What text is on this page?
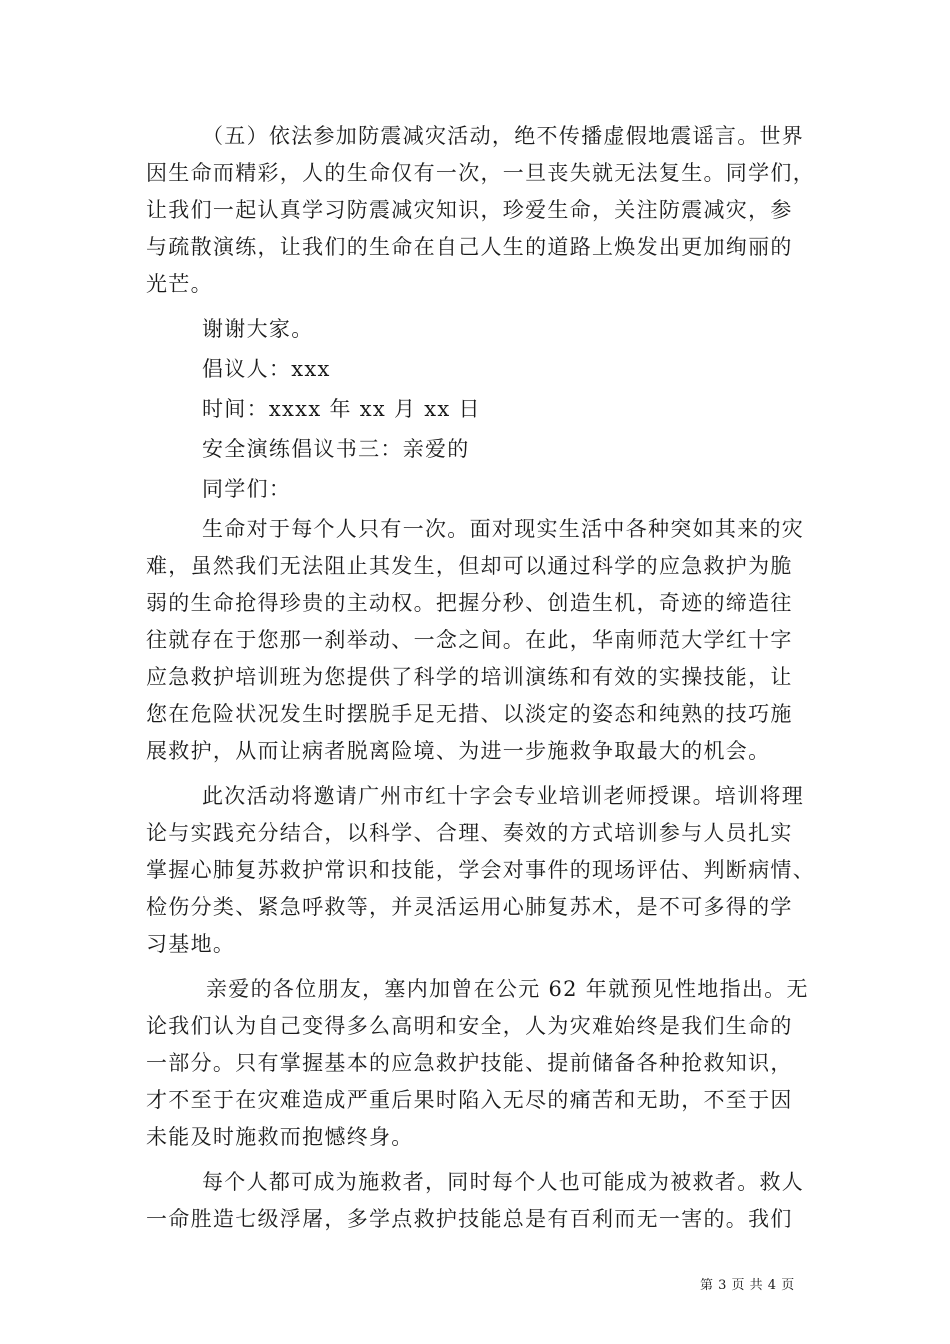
（五）依法参加防震减灾活动，绝不传播虚假地震谣言。世界
因生命而精彩，人的生命仅有一次，一旦丧失就无法复生。同学们，
让我们一起认真学习防震减灾知识，珍爱生命，关注防震减灾，参
与疏散演练，让我们的生命在自己人生的道路上焕发出更加绚丽的
光芒。

谢谢大家。

倡议人：xxx

时间：xxxx 年 xx 月 xx 日

安全演练倡议书三：亲爱的

同学们：

生命对于每个人只有一次。面对现实生活中各种突如其来的灾
难，虽然我们无法阻止其发生，但却可以通过科学的应急救护为脆
弱的生命抢得珍贵的主动权。把握分秒、创造生机，奇迹的缔造往
往就存在于您那一刹举动、一念之间。在此，华南师范大学红十字
应急救护培训班为您提供了科学的培训演练和有效的实操技能，让
您在危险状况发生时摆脱手足无措、以淡定的姿态和纯熟的技巧施
展救护，从而让病者脱离险境、为进一步施救争取最大的机会。

此次活动将邀请广州市红十字会专业培训老师授课。培训将理
论与实践充分结合，以科学、合理、奏效的方式培训参与人员扎实
掌握心肺复苏救护常识和技能，学会对事件的现场评估、判断病情、
检伤分类、紧急呼救等，并灵活运用心肺复苏术，是不可多得的学
习基地。

亲爱的各位朋友，塞内加曾在公元 62 年就预见性地指出。无
论我们认为自己变得多么高明和安全，人为灾难始终是我们生命的
一部分。只有掌握基本的应急救护技能、提前储备各种抢救知识，
才不至于在灾难造成严重后果时陷入无尽的痛苦和无助，不至于因
未能及时施救而抱憾终身。

每个人都可成为施救者，同时每个人也可能成为被救者。救人
一命胜造七级浮屠，多学点救护技能总是有百利而无一害的。我们

第 3 页 共 4 页
